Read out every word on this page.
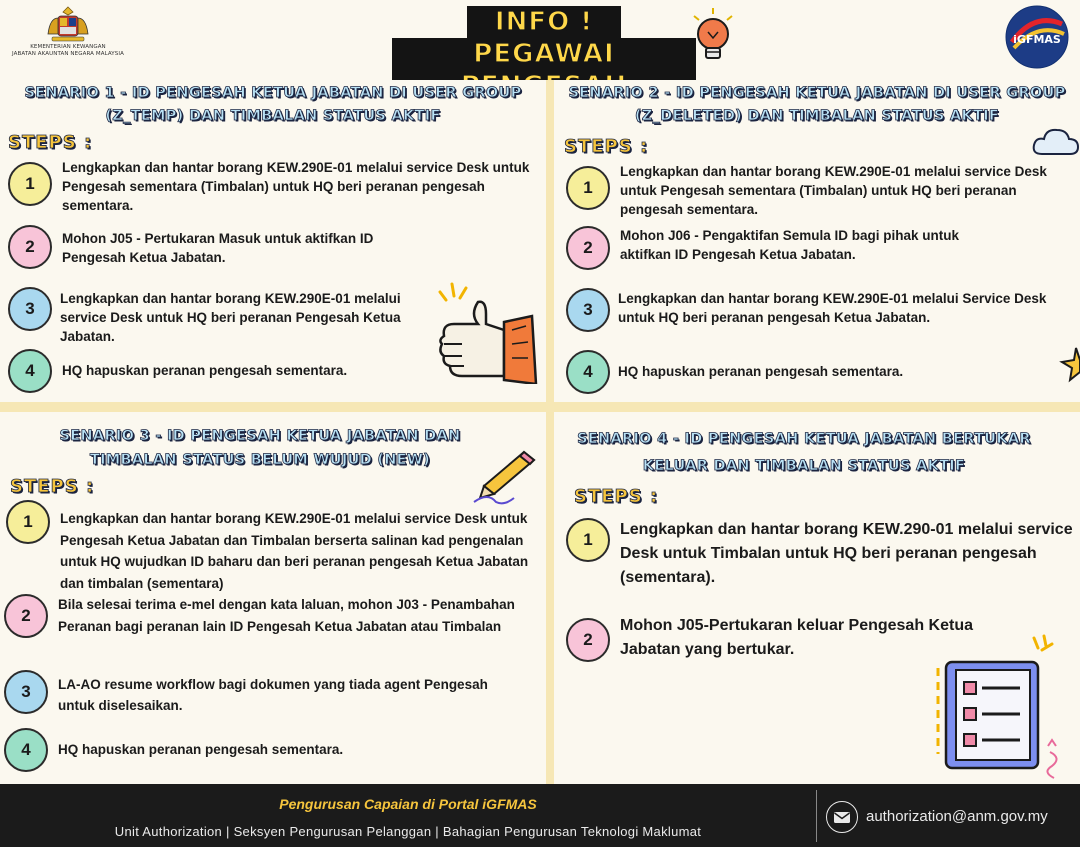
KEMENTERIAN KEWANGAN
JABATAN AKAUNTAN NEGARA MALAYSIA
INFO !
PEGAWAI	iGFMAS
SENARIO 1 - ID PENGESAH KETUA JABATAN DI USER GROUP
(Z_TEMP) DAN TIMBALAN STATUS AKTIF
STEPS :
1
Lengkapkan dan hantar borang KEW.290E-01 melalui service Desk untuk Pengesah sementara (Timbalan) untuk HQ beri peranan pengesah sementara.
2	Mohon J05 - Pertukaran Masuk untuk aktifkan ID Pengesah Ketua Jabatan.
3
Lengkapkan dan hantar borang KEW.290E-01 melalui service Desk untuk HQ beri peranan Pengesah Ketua Jabatan.
4	HQ hapuskan peranan pengesah sementara.
SENARIO 2 - ID PENGESAH KETUA JABATAN DI USER GROUP
(Z_DELETED) DAN TIMBALAN STATUS AKTIF
STEPS :
1
Lengkapkan dan hantar borang KEW.290E-01 melalui service Desk untuk Pengesah sementara (Timbalan) untuk HQ beri peranan pengesah sementara.
2
Mohon J06 - Pengaktifan Semula ID bagi pihak untuk aktifkan ID Pengesah Ketua Jabatan.
3
Lengkapkan dan hantar borang KEW.290E-01 melalui Service Desk untuk HQ beri peranan pengesah Ketua Jabatan.
4	HQ hapuskan peranan pengesah sementara.
SENARIO 3 - ID PENGESAH KETUA JABATAN DAN
TIMBALAN STATUS BELUM WUJUD (NEW)
STEPS :
1	Lengkapkan dan hantar borang KEW.290E-01 melalui service Desk untuk Pengesah Ketua Jabatan dan Timbalan berserta salinan kad pengenalan untuk HQ wujudkan ID baharu dan beri peranan pengesah Ketua Jabatan dan timbalan (sementara)
2
Bila selesai terima e-mel dengan kata laluan, mohon J03 - Penambahan Peranan bagi peranan lain ID Pengesah Ketua Jabatan atau Timbalan
3	LA-AO resume workflow bagi dokumen yang tiada agent Pengesah untuk diselesaikan.
4	HQ hapuskan peranan pengesah sementara.
SENARIO 4 - ID PENGESAH KETUA JABATAN BERTUKAR
KELUAR DAN TIMBALAN STATUS AKTIF
STEPS :
1
Lengkapkan dan hantar borang KEW.290-01 melalui service Desk untuk Timbalan untuk HQ beri peranan pengesah (sementara).
2
Mohon J05-Pertukaran keluar Pengesah Ketua Jabatan yang bertukar.
Pengurusan Capaian di Portal iGFMAS
Unit Authorization | Seksyen Pengurusan Pelanggan | Bahagian Pengurusan Teknologi Maklumat
authorization@anm.gov.my
